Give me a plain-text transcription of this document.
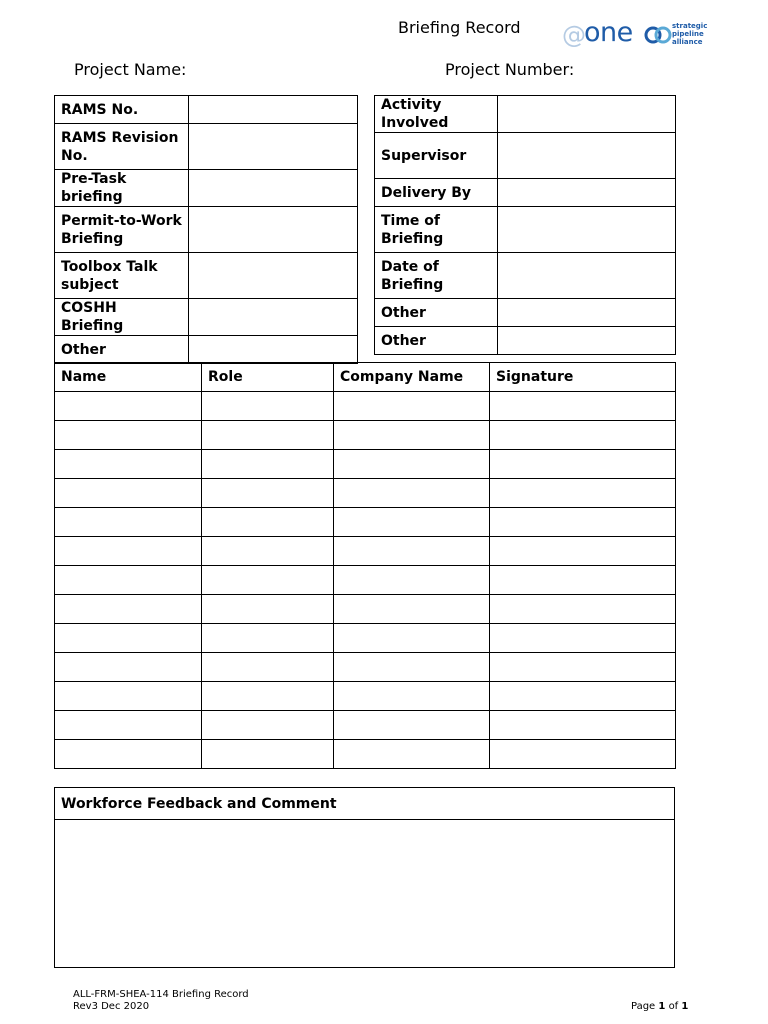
Briefing Record @
one	strategic
pipeline
alliance
Project Name:	Project Number:
RAMS No.	
RAMS Revision No.	
Pre-Task briefing	
Permit-to-Work Briefing	
Toolbox Talk subject	
COSHH Briefing	
Other	
Activity Involved	
Supervisor	
Delivery By	
Time of Briefing	
Date of Briefing	
Other	
Other	
Name	Role	Company Name	Signature

Workforce Feedback and Comment

ALL-FRM-SHEA-114 Briefing Record
Rev3 Dec 2020	Page 1 of 1
